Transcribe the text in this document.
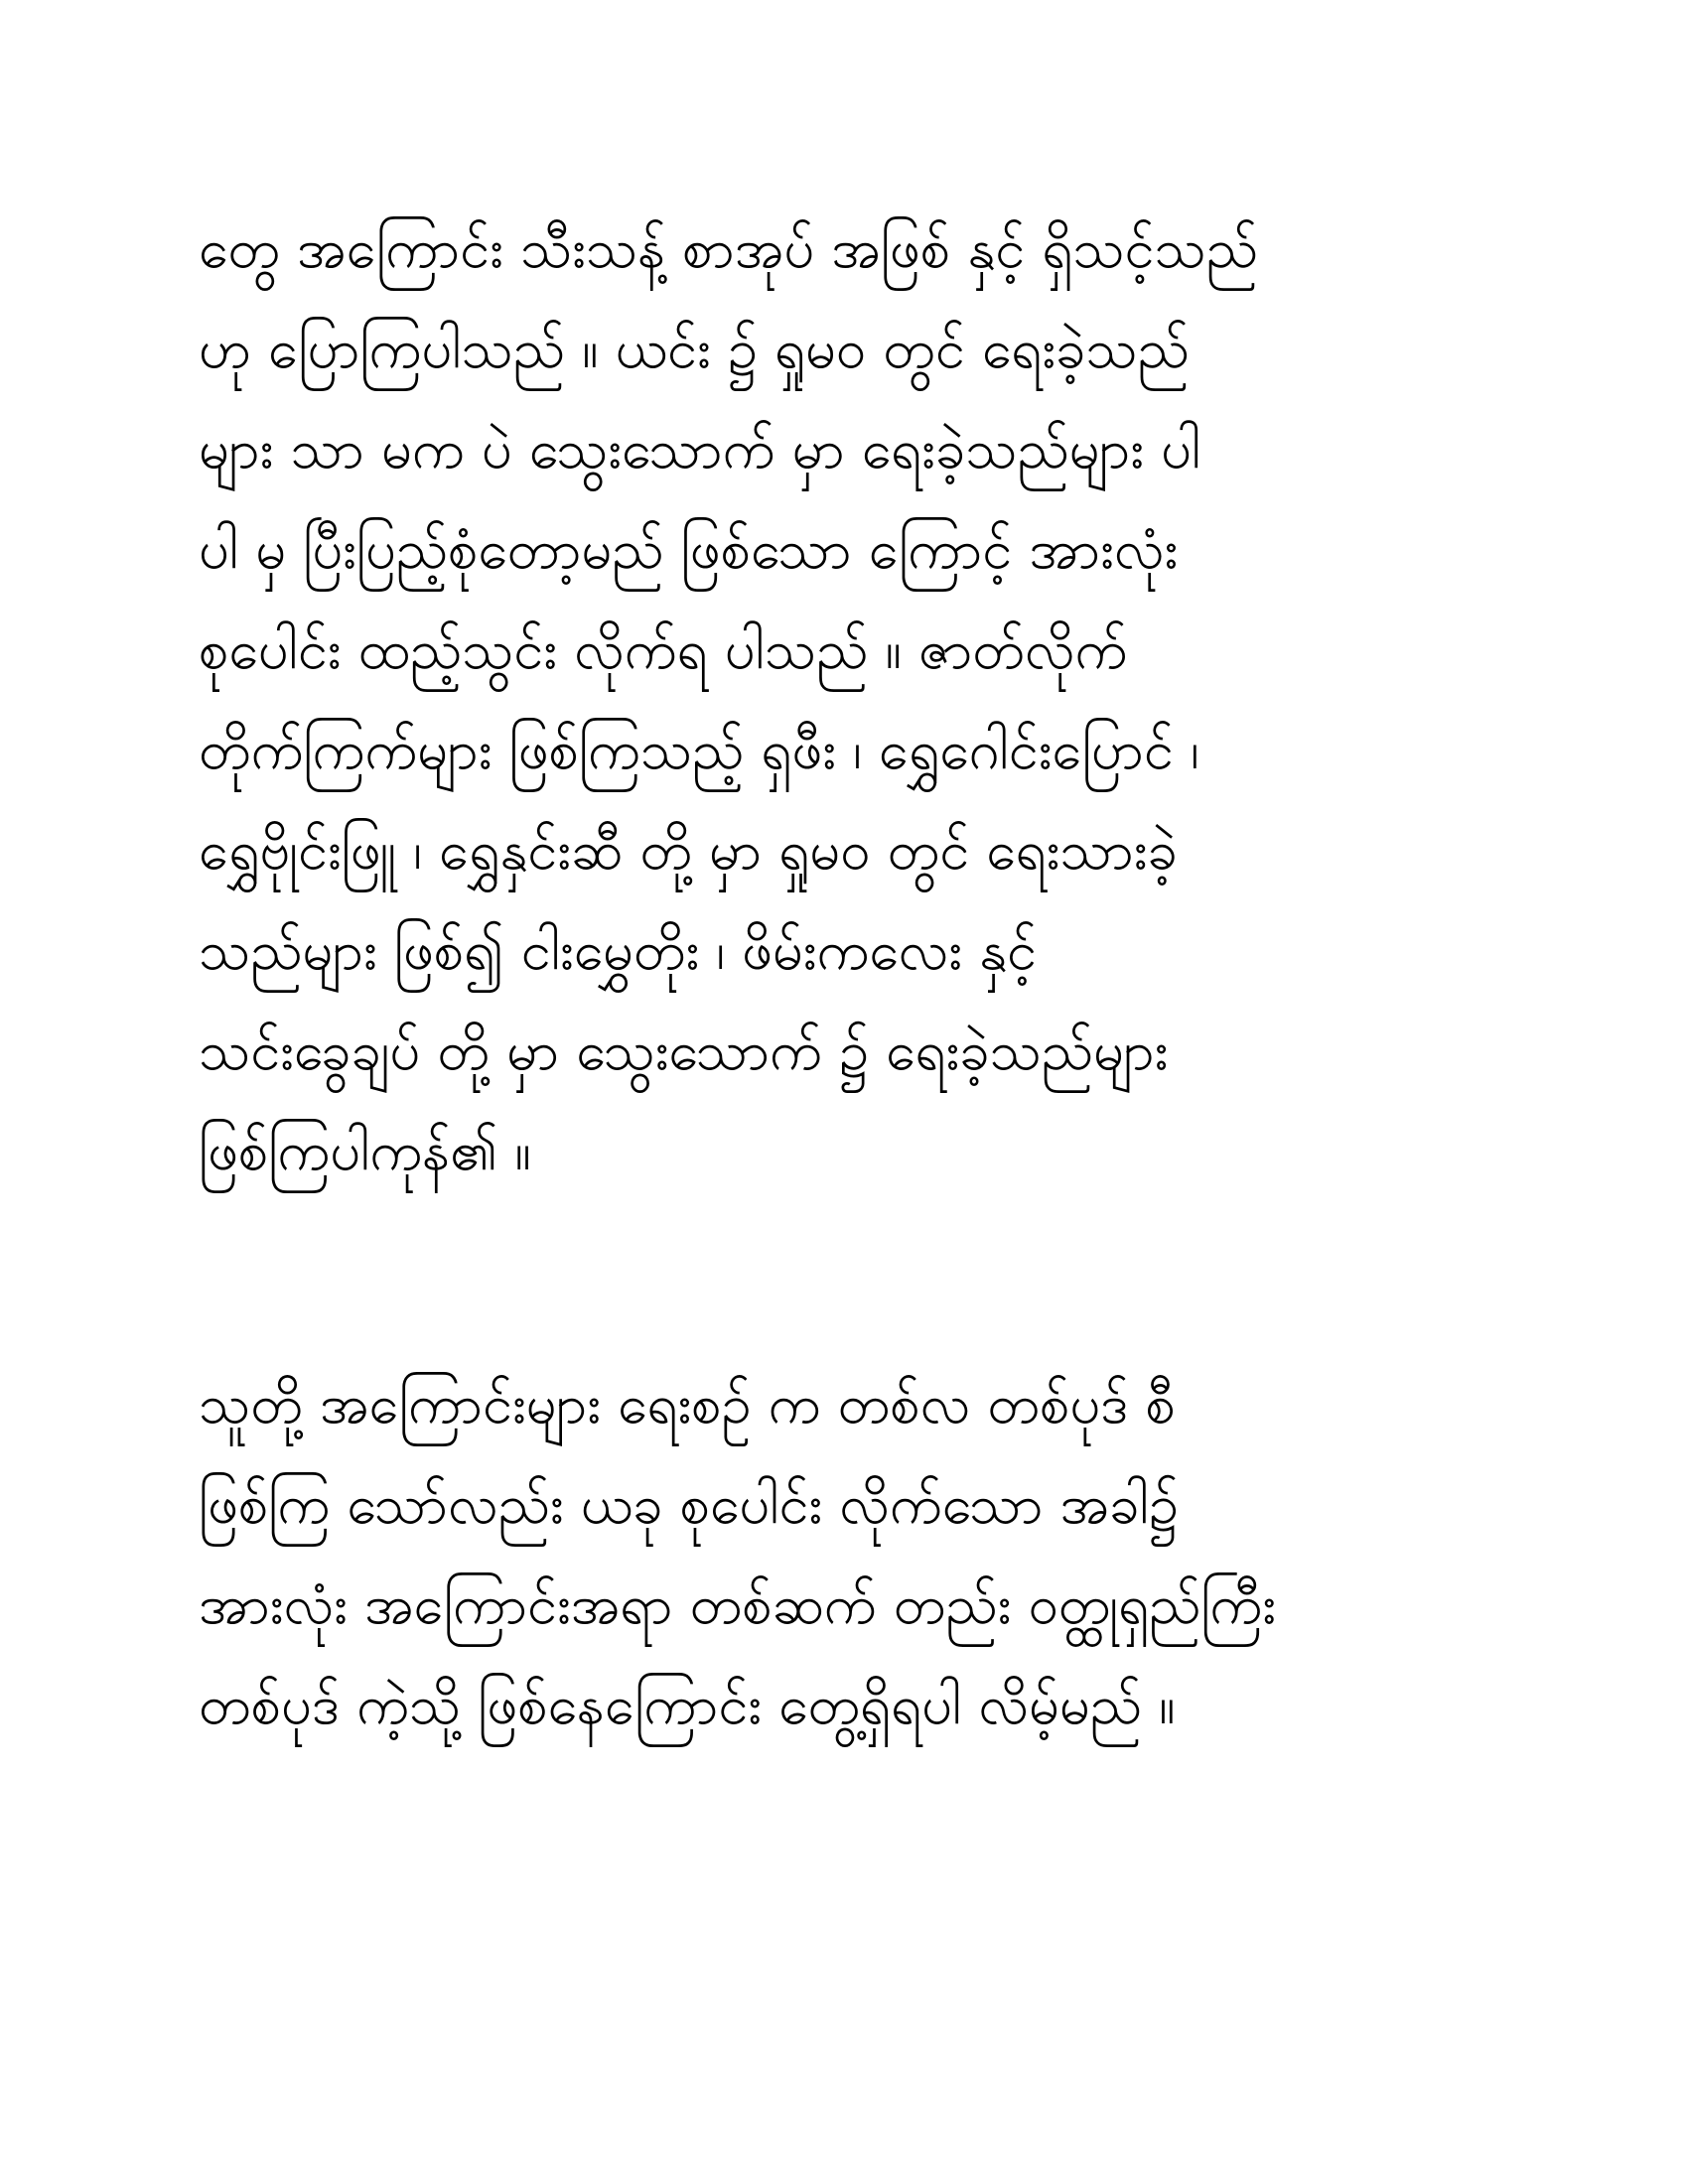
တွေ အကြောင်း သီးသန့် စာအုပ် အဖြစ် နှင့် ရှိသင့်သည်
ဟု ပြောကြပါသည် ။ ယင်း ၌ ရှုမဝ တွင် ရေးခဲ့သည်
များ သာ မက ပဲ သွေးသောက် မှာ ရေးခဲ့သည်များ ပါ
ပါ မှ ပြီးပြည့်စုံတော့မည် ဖြစ်သော ကြောင့် အားလုံး
စုပေါင်း ထည့်သွင်း လိုက်ရ ပါသည် ။ ဇာတ်လိုက်
တိုက်ကြက်များ ဖြစ်ကြသည့် ရှဖီး ၊ ရွှေဂေါင်းပြောင် ၊
ရွှေဗိုုင်းဖြူ ၊ ရွှေနှင်းဆီ တို့ မှာ ရှုမဝ တွင် ရေးသားခဲ့
သည်များ ဖြစ်၍ ငါးမွှေတိုး ၊ ဖိမ်းကလေး နှင့်
သင်းခွေချပ် တို့ မှာ သွေးသောက် ၌ ရေးခဲ့သည်များ
ဖြစ်ကြပါကုန်၏ ။
သူတို့ အကြောင်းများ ရေးစဉ် က တစ်လ တစ်ပုဒ် စီ
ဖြစ်ကြ သော်လည်း ယခု စုပေါင်း လိုက်သော အခါ၌
အားလုံး အကြောင်းအရာ တစ်ဆက် တည်း ဝတ္ထုရှည်ကြီး
တစ်ပုဒ် ကဲ့သို့ ဖြစ်နေကြောင်း တွေ့ရှိရပါ လိမ့်မည် ။
